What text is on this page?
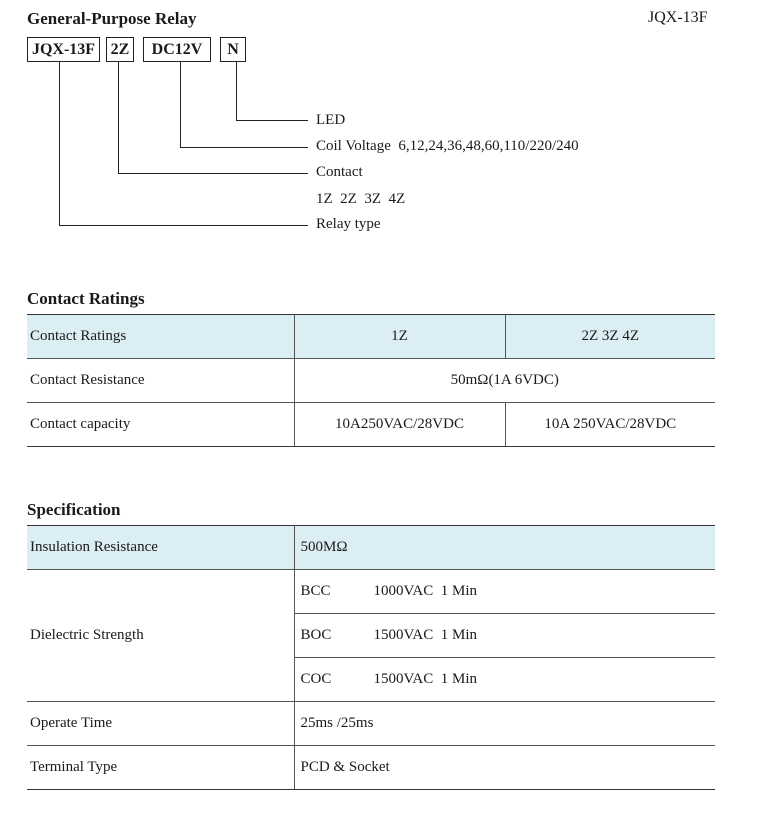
General-Purpose Relay	JQX-13F
JQX-13F 2Z	DC12V	N
LED
Coil Voltage  6,12,24,36,48,60,110/220/240
Contact
1Z  2Z  3Z  4Z
Relay type
Contact Ratings
Contact Ratings	1Z	2Z 3Z 4Z
Contact Resistance	50mΩ(1A 6VDC)	
Contact capacity	10A250VAC/28VDC	10A 250VAC/28VDC
Specification
Insulation Resistance	500MΩ
Dielectric Strength	BCC 1000VAC  1 Min
	BOC 1500VAC  1 Min
	COC 1500VAC  1 Min
Operate Time	25ms /25ms
Terminal Type	PCD & Socket
